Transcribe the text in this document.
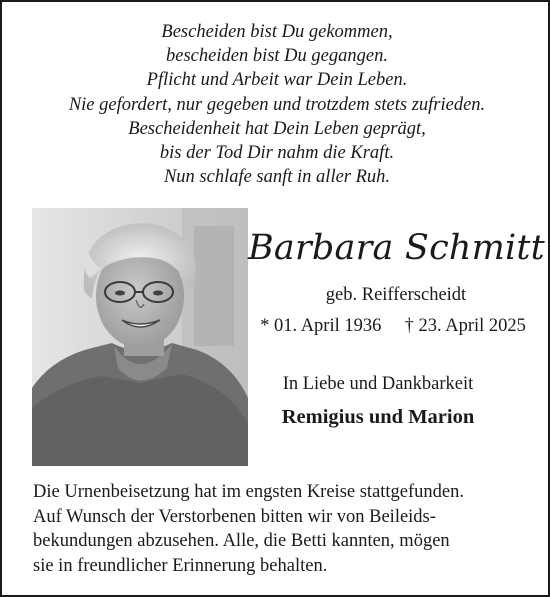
Bescheiden bist Du gekommen,
bescheiden bist Du gegangen.
Pflicht und Arbeit war Dein Leben.
Nie gefordert, nur gegeben und trotzdem stets zufrieden.
Bescheidenheit hat Dein Leben geprägt,
bis der Tod Dir nahm die Kraft.
Nun schlafe sanft in aller Ruh.
Barbara Schmitt
geb. Reifferscheidt
* 01. April 1936 † 23. April 2025
In Liebe und Dankbarkeit
Remigius und Marion
Die Urnenbeisetzung hat im engsten Kreise stattgefunden.
Auf Wunsch der Verstorbenen bitten wir von Beileids-
bekundungen abzusehen. Alle, die Betti kannten, mögen
sie in freundlicher Erinnerung behalten.
